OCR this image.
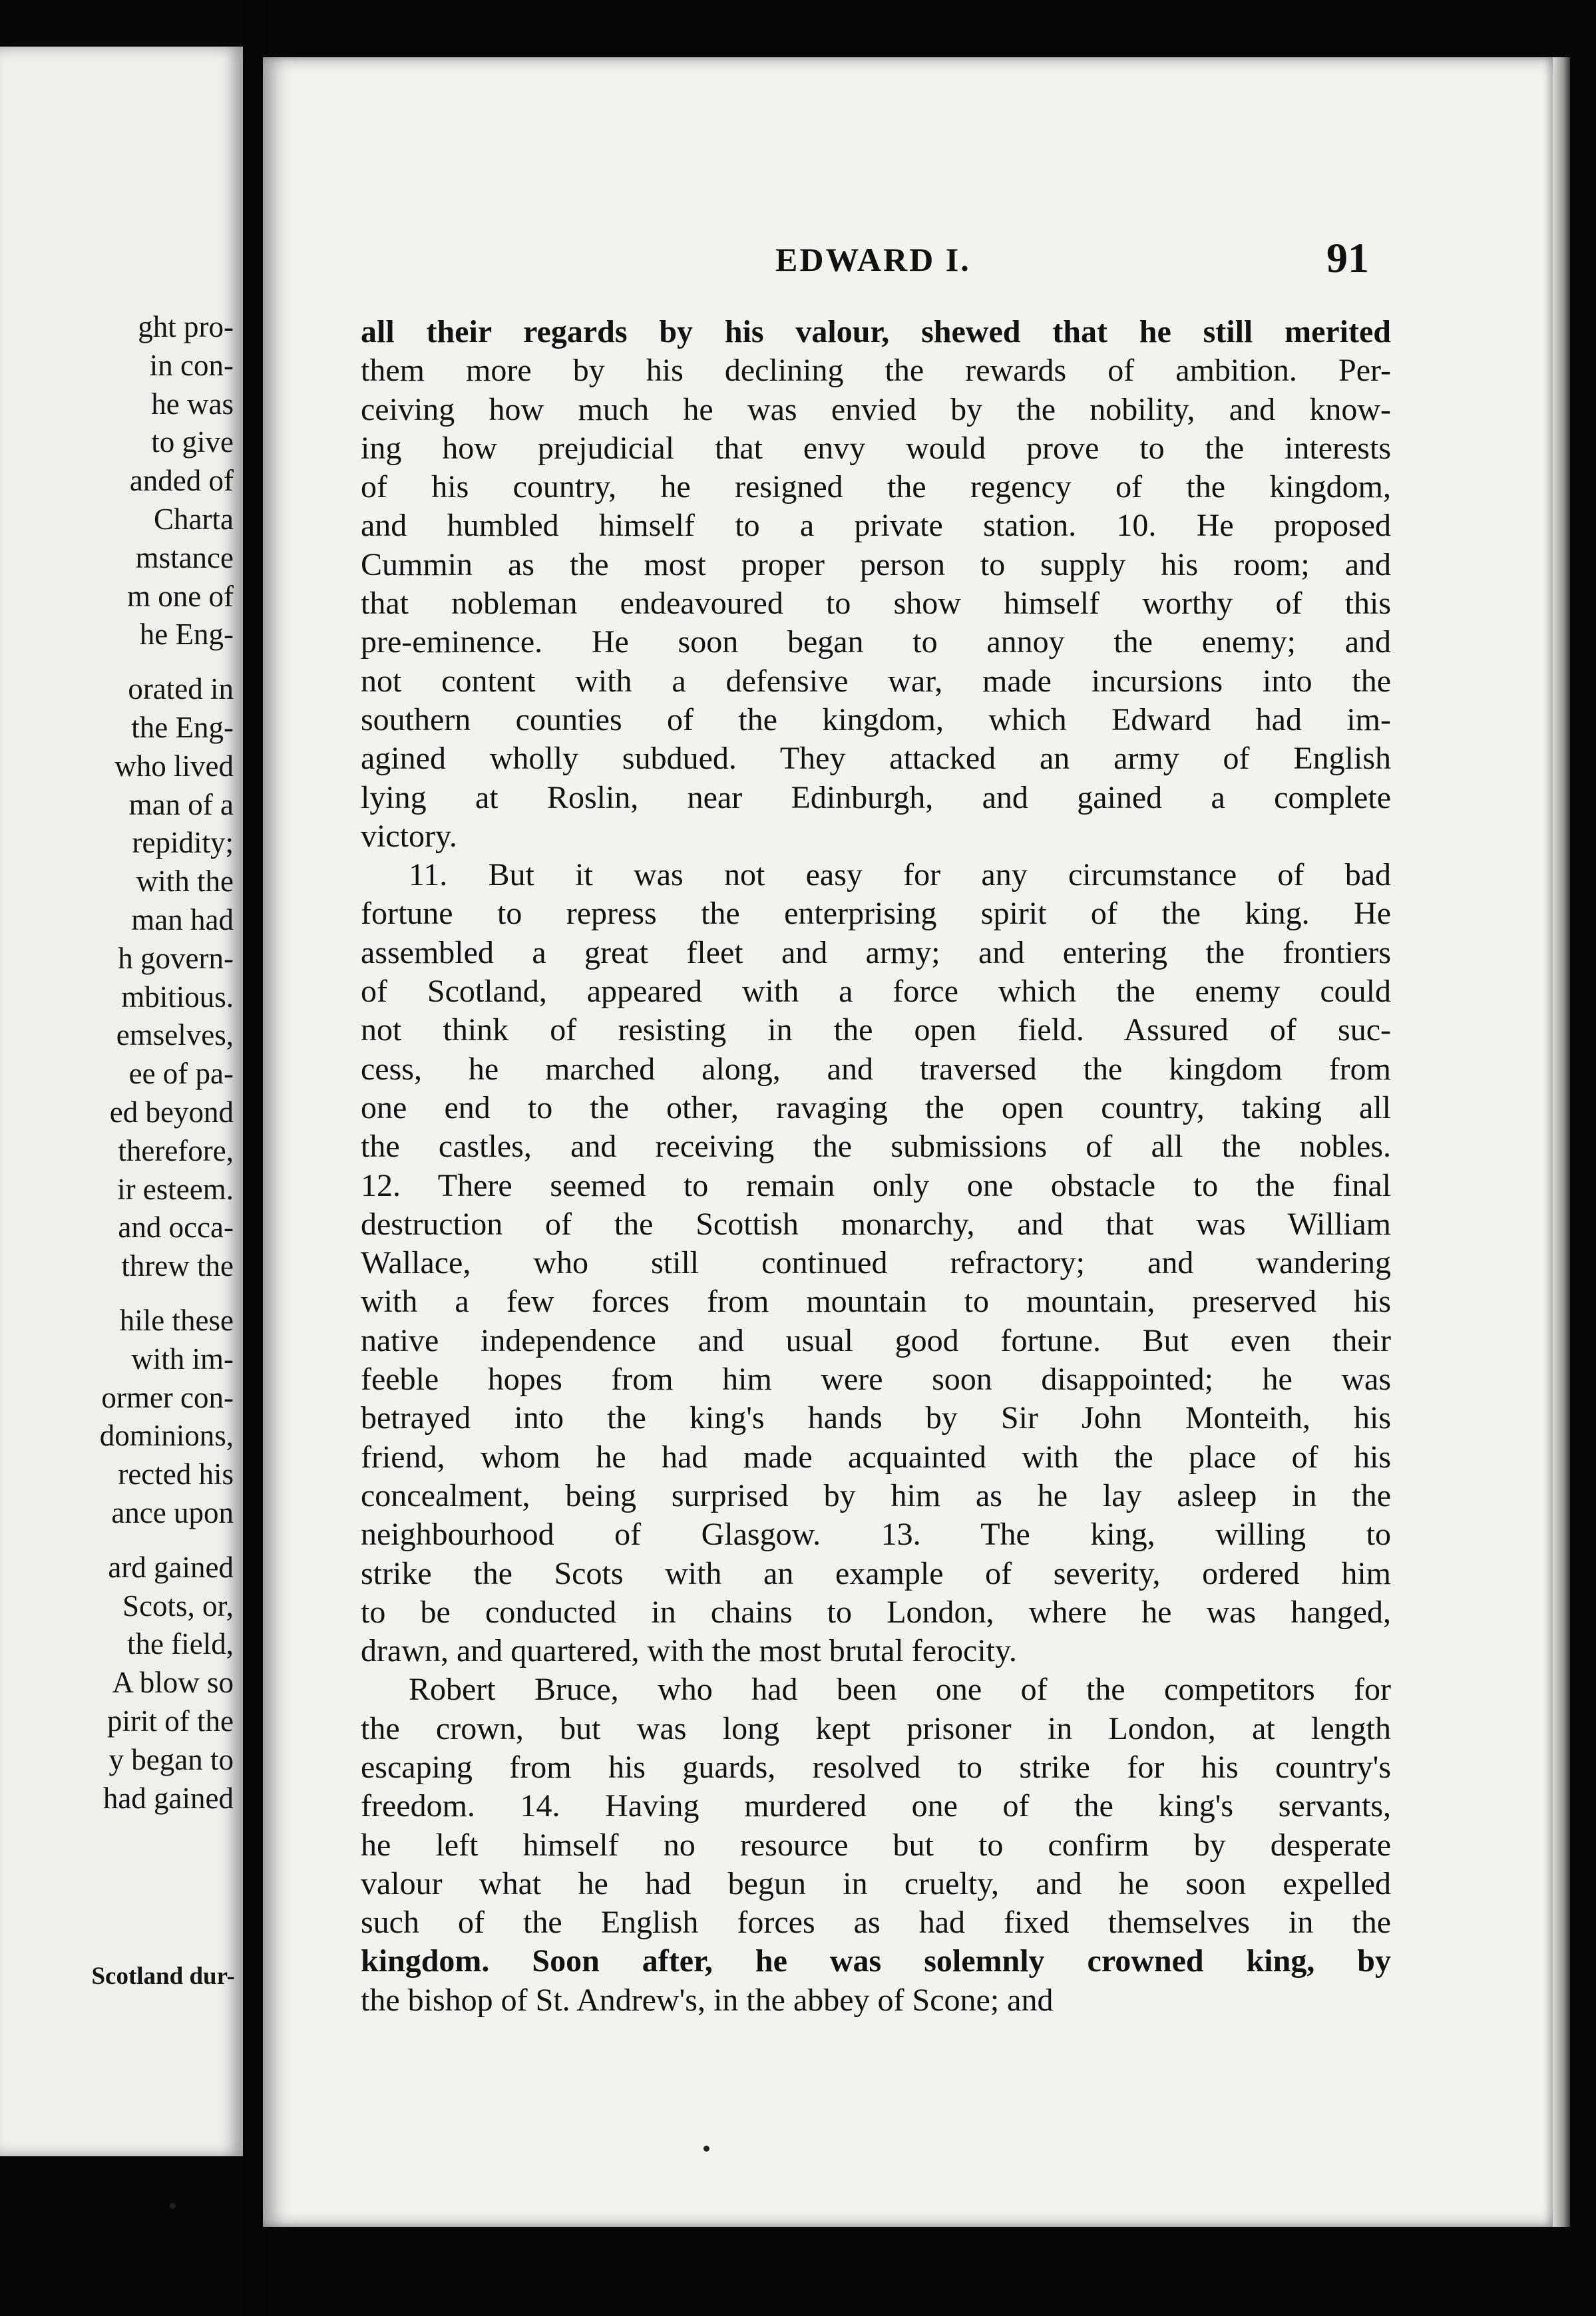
ght pro-
in con-
he was
to give
anded of
Charta
mstance
m one of
he Eng-
orated in
the Eng-
who lived
man of a
repidity;
with the
man had
h govern-
mbitious.
emselves,
ee of pa-
ed beyond
therefore,
ir esteem.
and occa-
threw the
hile these
with im-
ormer con-
dominions,
rected his
ance upon
ard gained
Scots, or,
the field,
A blow so
pirit of the
y began to
had gained
Scotland dur-
EDWARD I.	91
all their regards by his valour, shewed that he still merited
them more by his declining the rewards of ambition. Per-
ceiving how much he was envied by the nobility, and know-
ing how prejudicial that envy would prove to the interests
of his country, he resigned the regency of the kingdom,
and humbled himself to a private station. 10. He proposed
Cummin as the most proper person to supply his room; and
that nobleman endeavoured to show himself worthy of this
pre-eminence. He soon began to annoy the enemy; and
not content with a defensive war, made incursions into the
southern counties of the kingdom, which Edward had im-
agined wholly subdued. They attacked an army of English
lying at Roslin, near Edinburgh, and gained a complete
victory.
11. But it was not easy for any circumstance of bad
fortune to repress the enterprising spirit of the king. He
assembled a great fleet and army; and entering the frontiers
of Scotland, appeared with a force which the enemy could
not think of resisting in the open field. Assured of suc-
cess, he marched along, and traversed the kingdom from
one end to the other, ravaging the open country, taking all
the castles, and receiving the submissions of all the nobles.
12. There seemed to remain only one obstacle to the final
destruction of the Scottish monarchy, and that was William
Wallace, who still continued refractory; and wandering
with a few forces from mountain to mountain, preserved his
native independence and usual good fortune. But even their
feeble hopes from him were soon disappointed; he was
betrayed into the king's hands by Sir John Monteith, his
friend, whom he had made acquainted with the place of his
concealment, being surprised by him as he lay asleep in the
neighbourhood of Glasgow. 13. The king, willing to
strike the Scots with an example of severity, ordered him
to be conducted in chains to London, where he was hanged,
drawn, and quartered, with the most brutal ferocity.
Robert Bruce, who had been one of the competitors for
the crown, but was long kept prisoner in London, at length
escaping from his guards, resolved to strike for his country's
freedom. 14. Having murdered one of the king's servants,
he left himself no resource but to confirm by desperate
valour what he had begun in cruelty, and he soon expelled
such of the English forces as had fixed themselves in the
kingdom. Soon after, he was solemnly crowned king, by
the bishop of St. Andrew's, in the abbey of Scone; and
